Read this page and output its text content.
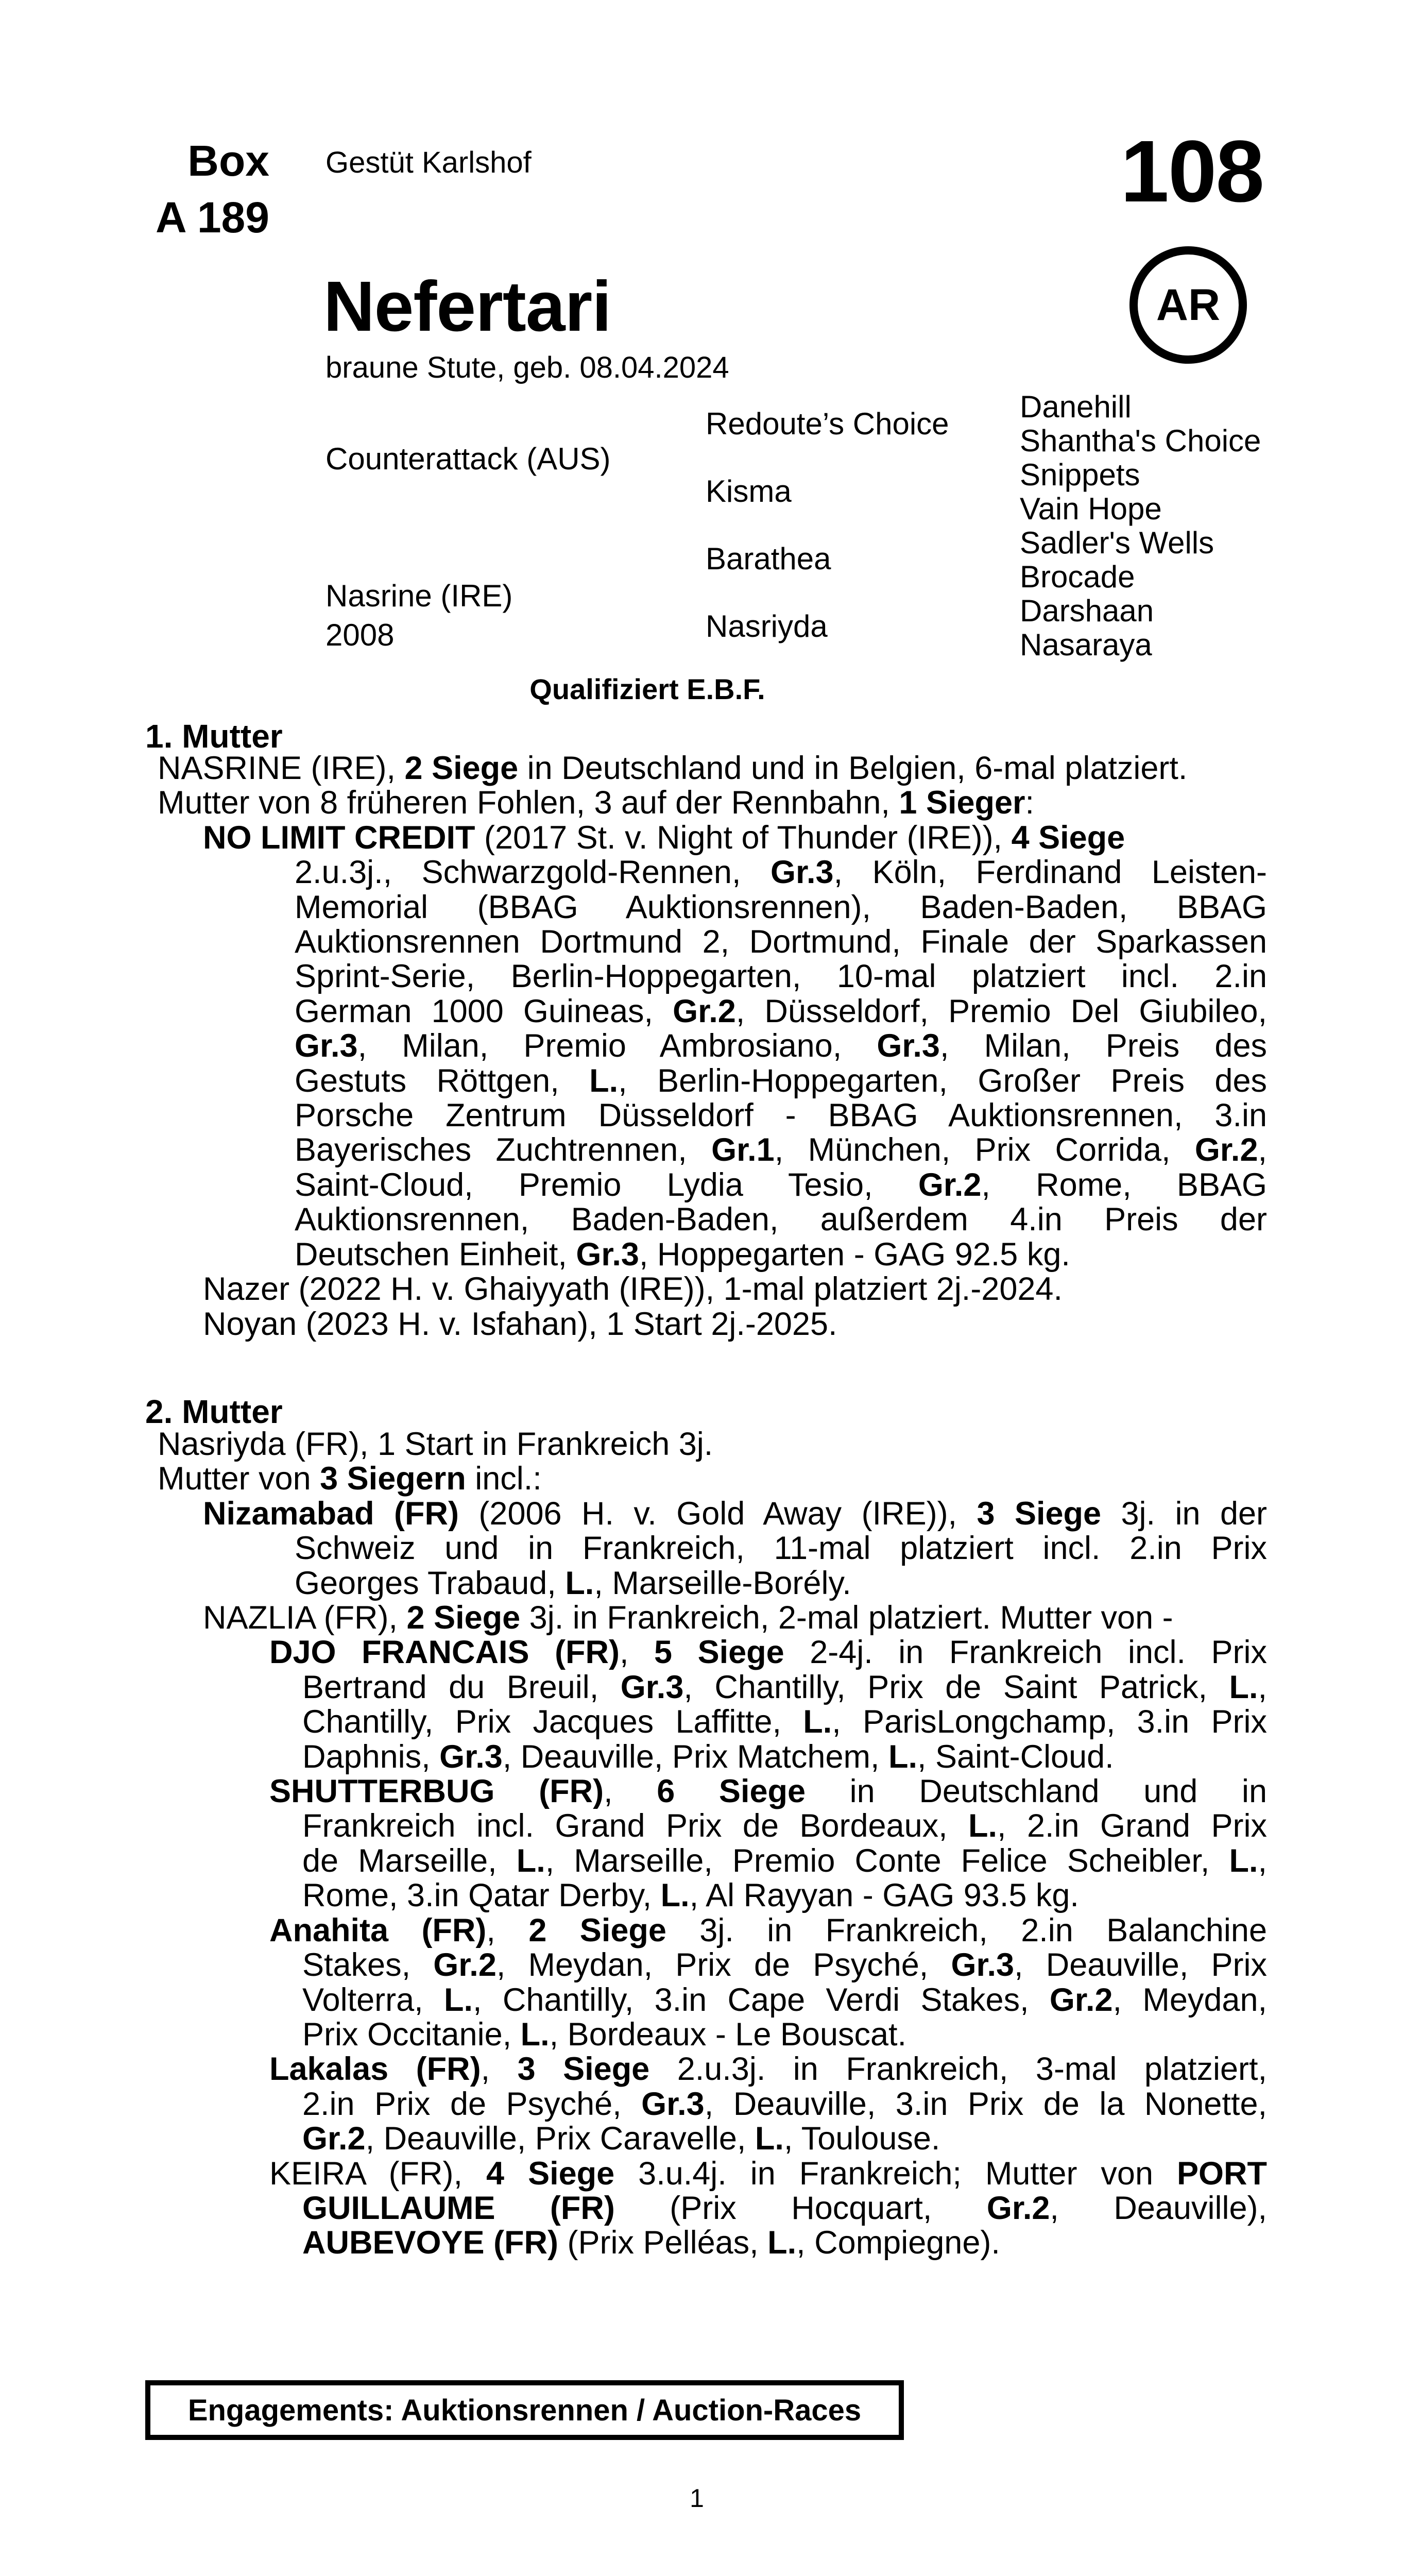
Box
A 189
Gestüt Karlshof	108
Nefertari	AR
braune Stute, geb. 08.04.2024
Counterattack (AUS)
Nasrine (IRE)
2008
Redoute’s Choice
Kisma
Barathea
Nasriyda
Danehill
Shantha's Choice
Snippets
Vain Hope
Sadler's Wells
Brocade
Darshaan
Nasaraya
Qualifiziert E.B.F.
1. Mutter
NASRINE (IRE), 2 Siege in Deutschland und in Belgien, 6-mal platziert.
Mutter von 8 früheren Fohlen, 3 auf der Rennbahn, 1 Sieger:
NO LIMIT CREDIT (2017 St. v. Night of Thunder (IRE)), 4 Siege
2.u.3j., Schwarzgold-Rennen, Gr.3, Köln, Ferdinand Leisten-
Memorial (BBAG Auktionsrennen), Baden-Baden, BBAG
Auktionsrennen Dortmund 2, Dortmund, Finale der Sparkassen
Sprint-Serie, Berlin-Hoppegarten, 10-mal platziert incl. 2.in
German 1000 Guineas, Gr.2, Düsseldorf, Premio Del Giubileo,
Gr.3, Milan, Premio Ambrosiano, Gr.3, Milan, Preis des
Gestuts Röttgen, L., Berlin-Hoppegarten, Großer Preis des
Porsche Zentrum Düsseldorf - BBAG Auktionsrennen, 3.in
Bayerisches Zuchtrennen, Gr.1, München, Prix Corrida, Gr.2,
Saint-Cloud, Premio Lydia Tesio, Gr.2, Rome, BBAG
Auktionsrennen, Baden-Baden, außerdem 4.in Preis der
Deutschen Einheit, Gr.3, Hoppegarten - GAG 92.5 kg.
Nazer (2022 H. v. Ghaiyyath (IRE)), 1-mal platziert 2j.-2024.
Noyan (2023 H. v. Isfahan), 1 Start 2j.-2025.
2. Mutter
Nasriyda (FR), 1 Start in Frankreich 3j.
Mutter von 3 Siegern incl.:
Nizamabad (FR) (2006 H. v. Gold Away (IRE)), 3 Siege 3j. in der
Schweiz und in Frankreich, 11-mal platziert incl. 2.in Prix
Georges Trabaud, L., Marseille-Borély.
NAZLIA (FR), 2 Siege 3j. in Frankreich, 2-mal platziert. Mutter von -
DJO FRANCAIS (FR), 5 Siege 2-4j. in Frankreich incl. Prix
Bertrand du Breuil, Gr.3, Chantilly, Prix de Saint Patrick, L.,
Chantilly, Prix Jacques Laffitte, L., ParisLongchamp, 3.in Prix
Daphnis, Gr.3, Deauville, Prix Matchem, L., Saint-Cloud.
SHUTTERBUG (FR), 6 Siege in Deutschland und in
Frankreich incl. Grand Prix de Bordeaux, L., 2.in Grand Prix
de Marseille, L., Marseille, Premio Conte Felice Scheibler, L.,
Rome, 3.in Qatar Derby, L., Al Rayyan - GAG 93.5 kg.
Anahita (FR), 2 Siege 3j. in Frankreich, 2.in Balanchine
Stakes, Gr.2, Meydan, Prix de Psyché, Gr.3, Deauville, Prix
Volterra, L., Chantilly, 3.in Cape Verdi Stakes, Gr.2, Meydan,
Prix Occitanie, L., Bordeaux - Le Bouscat.
Lakalas (FR), 3 Siege 2.u.3j. in Frankreich, 3-mal platziert,
2.in Prix de Psyché, Gr.3, Deauville, 3.in Prix de la Nonette,
Gr.2, Deauville, Prix Caravelle, L., Toulouse.
KEIRA (FR), 4 Siege 3.u.4j. in Frankreich; Mutter von PORT
GUILLAUME (FR) (Prix Hocquart, Gr.2, Deauville),
AUBEVOYE (FR) (Prix Pelléas, L., Compiegne).
Engagements: Auktionsrennen / Auction-Races
1
